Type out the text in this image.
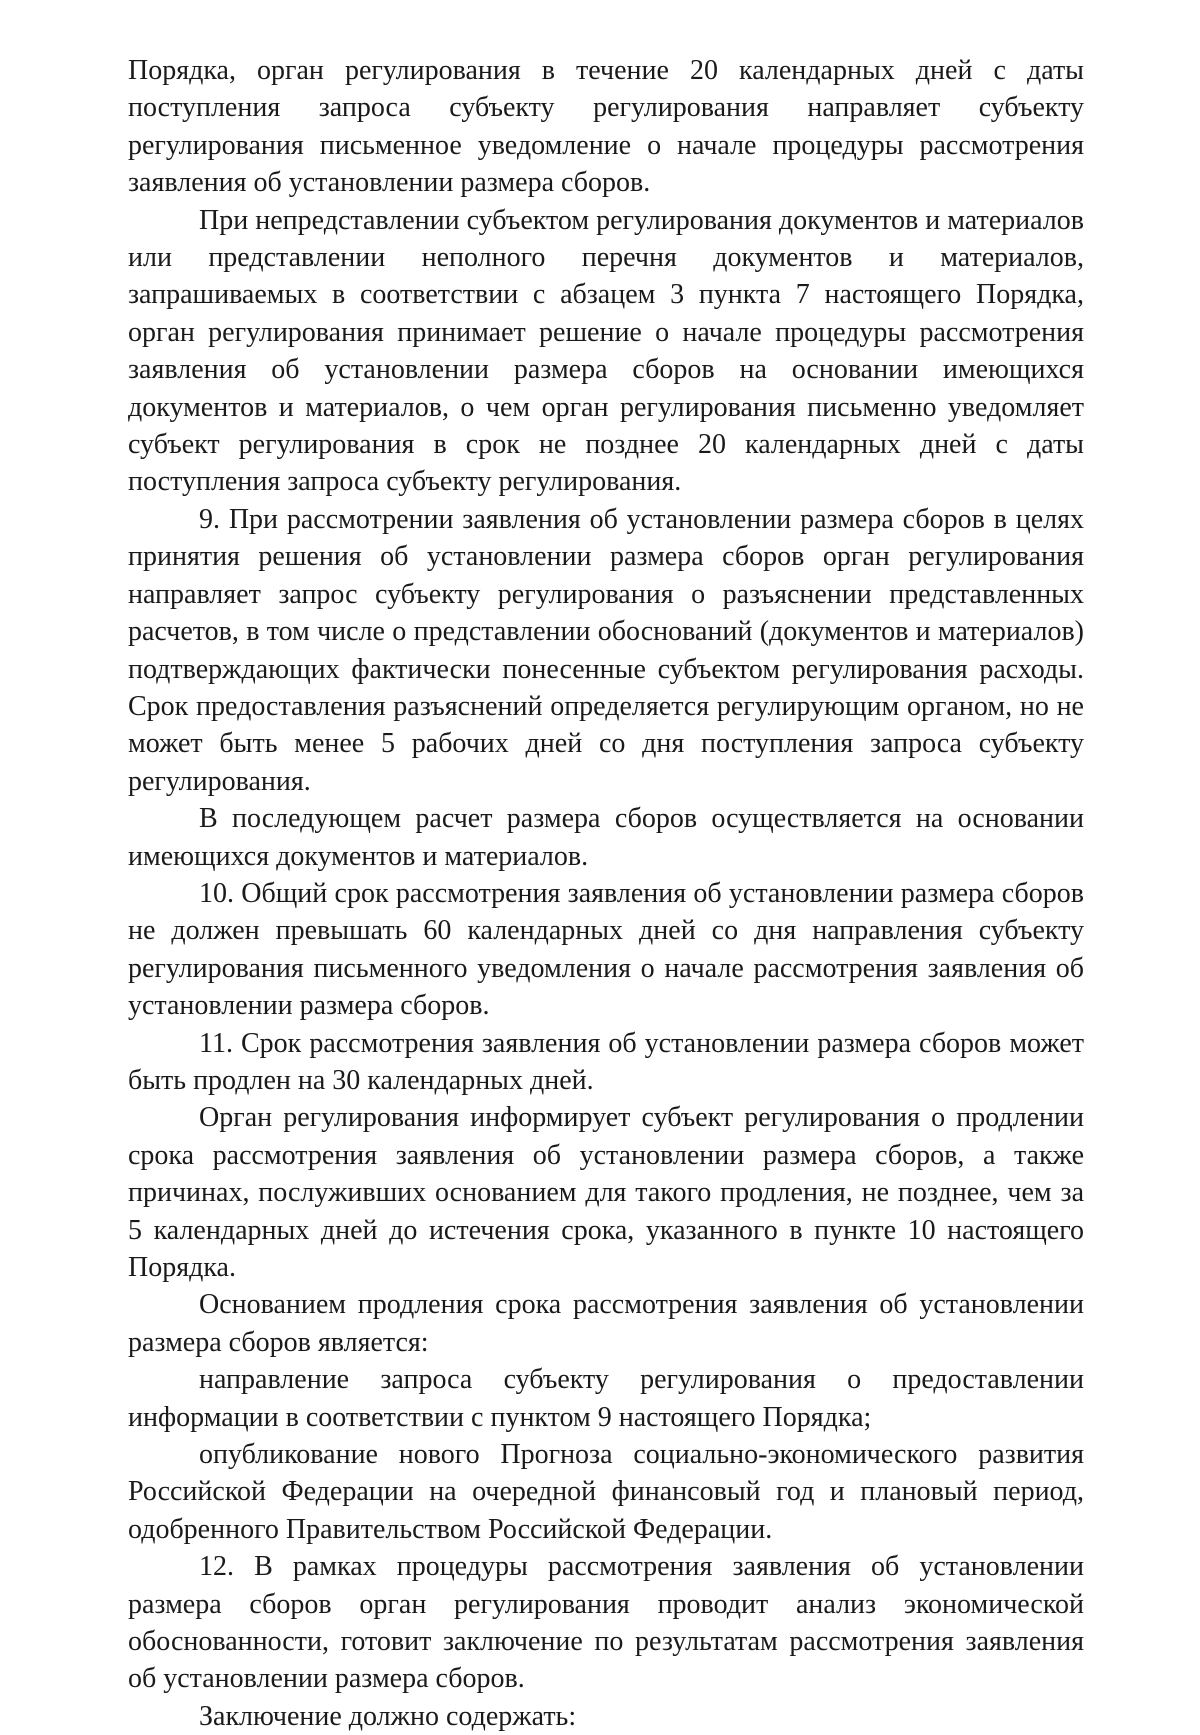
Порядка, орган регулирования в течение 20 календарных дней с даты поступления запроса субъекту регулирования направляет субъекту регулирования письменное уведомление о начале процедуры рассмотрения заявления об установлении размера сборов.

При непредставлении субъектом регулирования документов и материалов или представлении неполного перечня документов и материалов, запрашиваемых в соответствии с абзацем 3 пункта 7 настоящего Порядка, орган регулирования принимает решение о начале процедуры рассмотрения заявления об установлении размера сборов на основании имеющихся документов и материалов, о чем орган регулирования письменно уведомляет субъект регулирования в срок не позднее 20 календарных дней с даты поступления запроса субъекту регулирования.

9. При рассмотрении заявления об установлении размера сборов в целях принятия решения об установлении размера сборов орган регулирования направляет запрос субъекту регулирования о разъяснении представленных расчетов, в том числе о представлении обоснований (документов и материалов) подтверждающих фактически понесенные субъектом регулирования расходы. Срок предоставления разъяснений определяется регулирующим органом, но не может быть менее 5 рабочих дней со дня поступления запроса субъекту регулирования.

В последующем расчет размера сборов осуществляется на основании имеющихся документов и материалов.

10. Общий срок рассмотрения заявления об установлении размера сборов не должен превышать 60 календарных дней со дня направления субъекту регулирования письменного уведомления о начале рассмотрения заявления об установлении размера сборов.

11. Срок рассмотрения заявления об установлении размера сборов может быть продлен на 30 календарных дней.

Орган регулирования информирует субъект регулирования о продлении срока рассмотрения заявления об установлении размера сборов, а также причинах, послуживших основанием для такого продления, не позднее, чем за 5 календарных дней до истечения срока, указанного в пункте 10 настоящего Порядка.

Основанием продления срока рассмотрения заявления об установлении размера сборов является:

направление запроса субъекту регулирования о предоставлении информации в соответствии с пунктом 9 настоящего Порядка;

опубликование нового Прогноза социально-экономического развития Российской Федерации на очередной финансовый год и плановый период, одобренного Правительством Российской Федерации.

12. В рамках процедуры рассмотрения заявления об установлении размера сборов орган регулирования проводит анализ экономической обоснованности, готовит заключение по результатам рассмотрения заявления об установлении размера сборов.

Заключение должно содержать:
